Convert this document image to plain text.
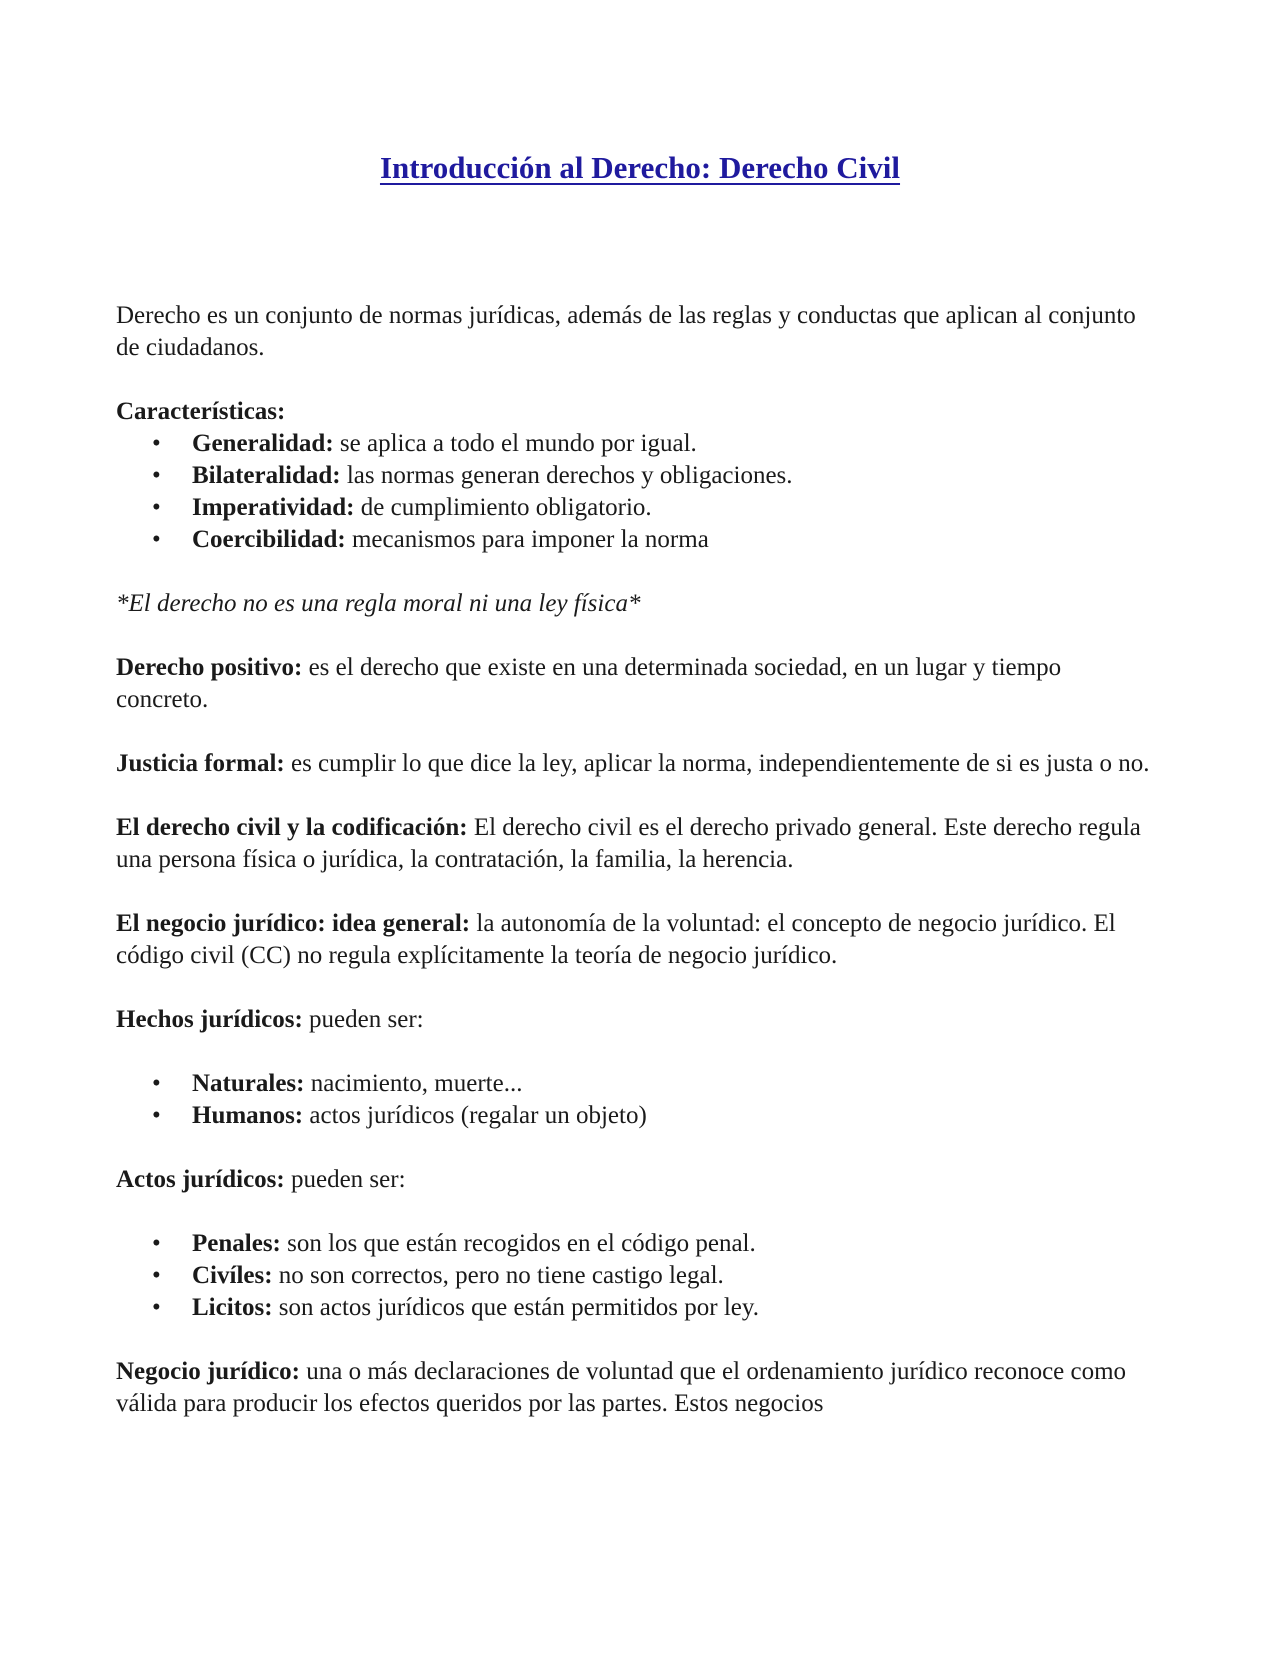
Introducción al Derecho: Derecho Civil

Derecho es un conjunto de normas jurídicas, además de las reglas y conductas que aplican al conjunto de ciudadanos.

Características:

• Generalidad: se aplica a todo el mundo por igual.
• Bilateralidad: las normas generan derechos y obligaciones.
• Imperatividad: de cumplimiento obligatorio.
• Coercibilidad: mecanismos para imponer la norma

*El derecho no es una regla moral ni una ley física*

Derecho positivo: es el derecho que existe en una determinada sociedad, en un lugar y tiempo concreto.

Justicia formal: es cumplir lo que dice la ley, aplicar la norma, independientemente de si es justa o no.

El derecho civil y la codificación: El derecho civil es el derecho privado general. Este derecho regula una persona física o jurídica, la contratación, la familia, la herencia.

El negocio jurídico: idea general: la autonomía de la voluntad: el concepto de negocio jurídico. El código civil (CC) no regula explícitamente la teoría de negocio jurídico.

Hechos jurídicos: pueden ser:

• Naturales: nacimiento, muerte...
• Humanos: actos jurídicos (regalar un objeto)

Actos jurídicos: pueden ser:

• Penales: son los que están recogidos en el código penal.
• Civíles: no son correctos, pero no tiene castigo legal.
• Licitos: son actos jurídicos que están permitidos por ley.

Negocio jurídico: una o más declaraciones de voluntad que el ordenamiento jurídico reconoce como válida para producir los efectos queridos por las partes. Estos negocios
